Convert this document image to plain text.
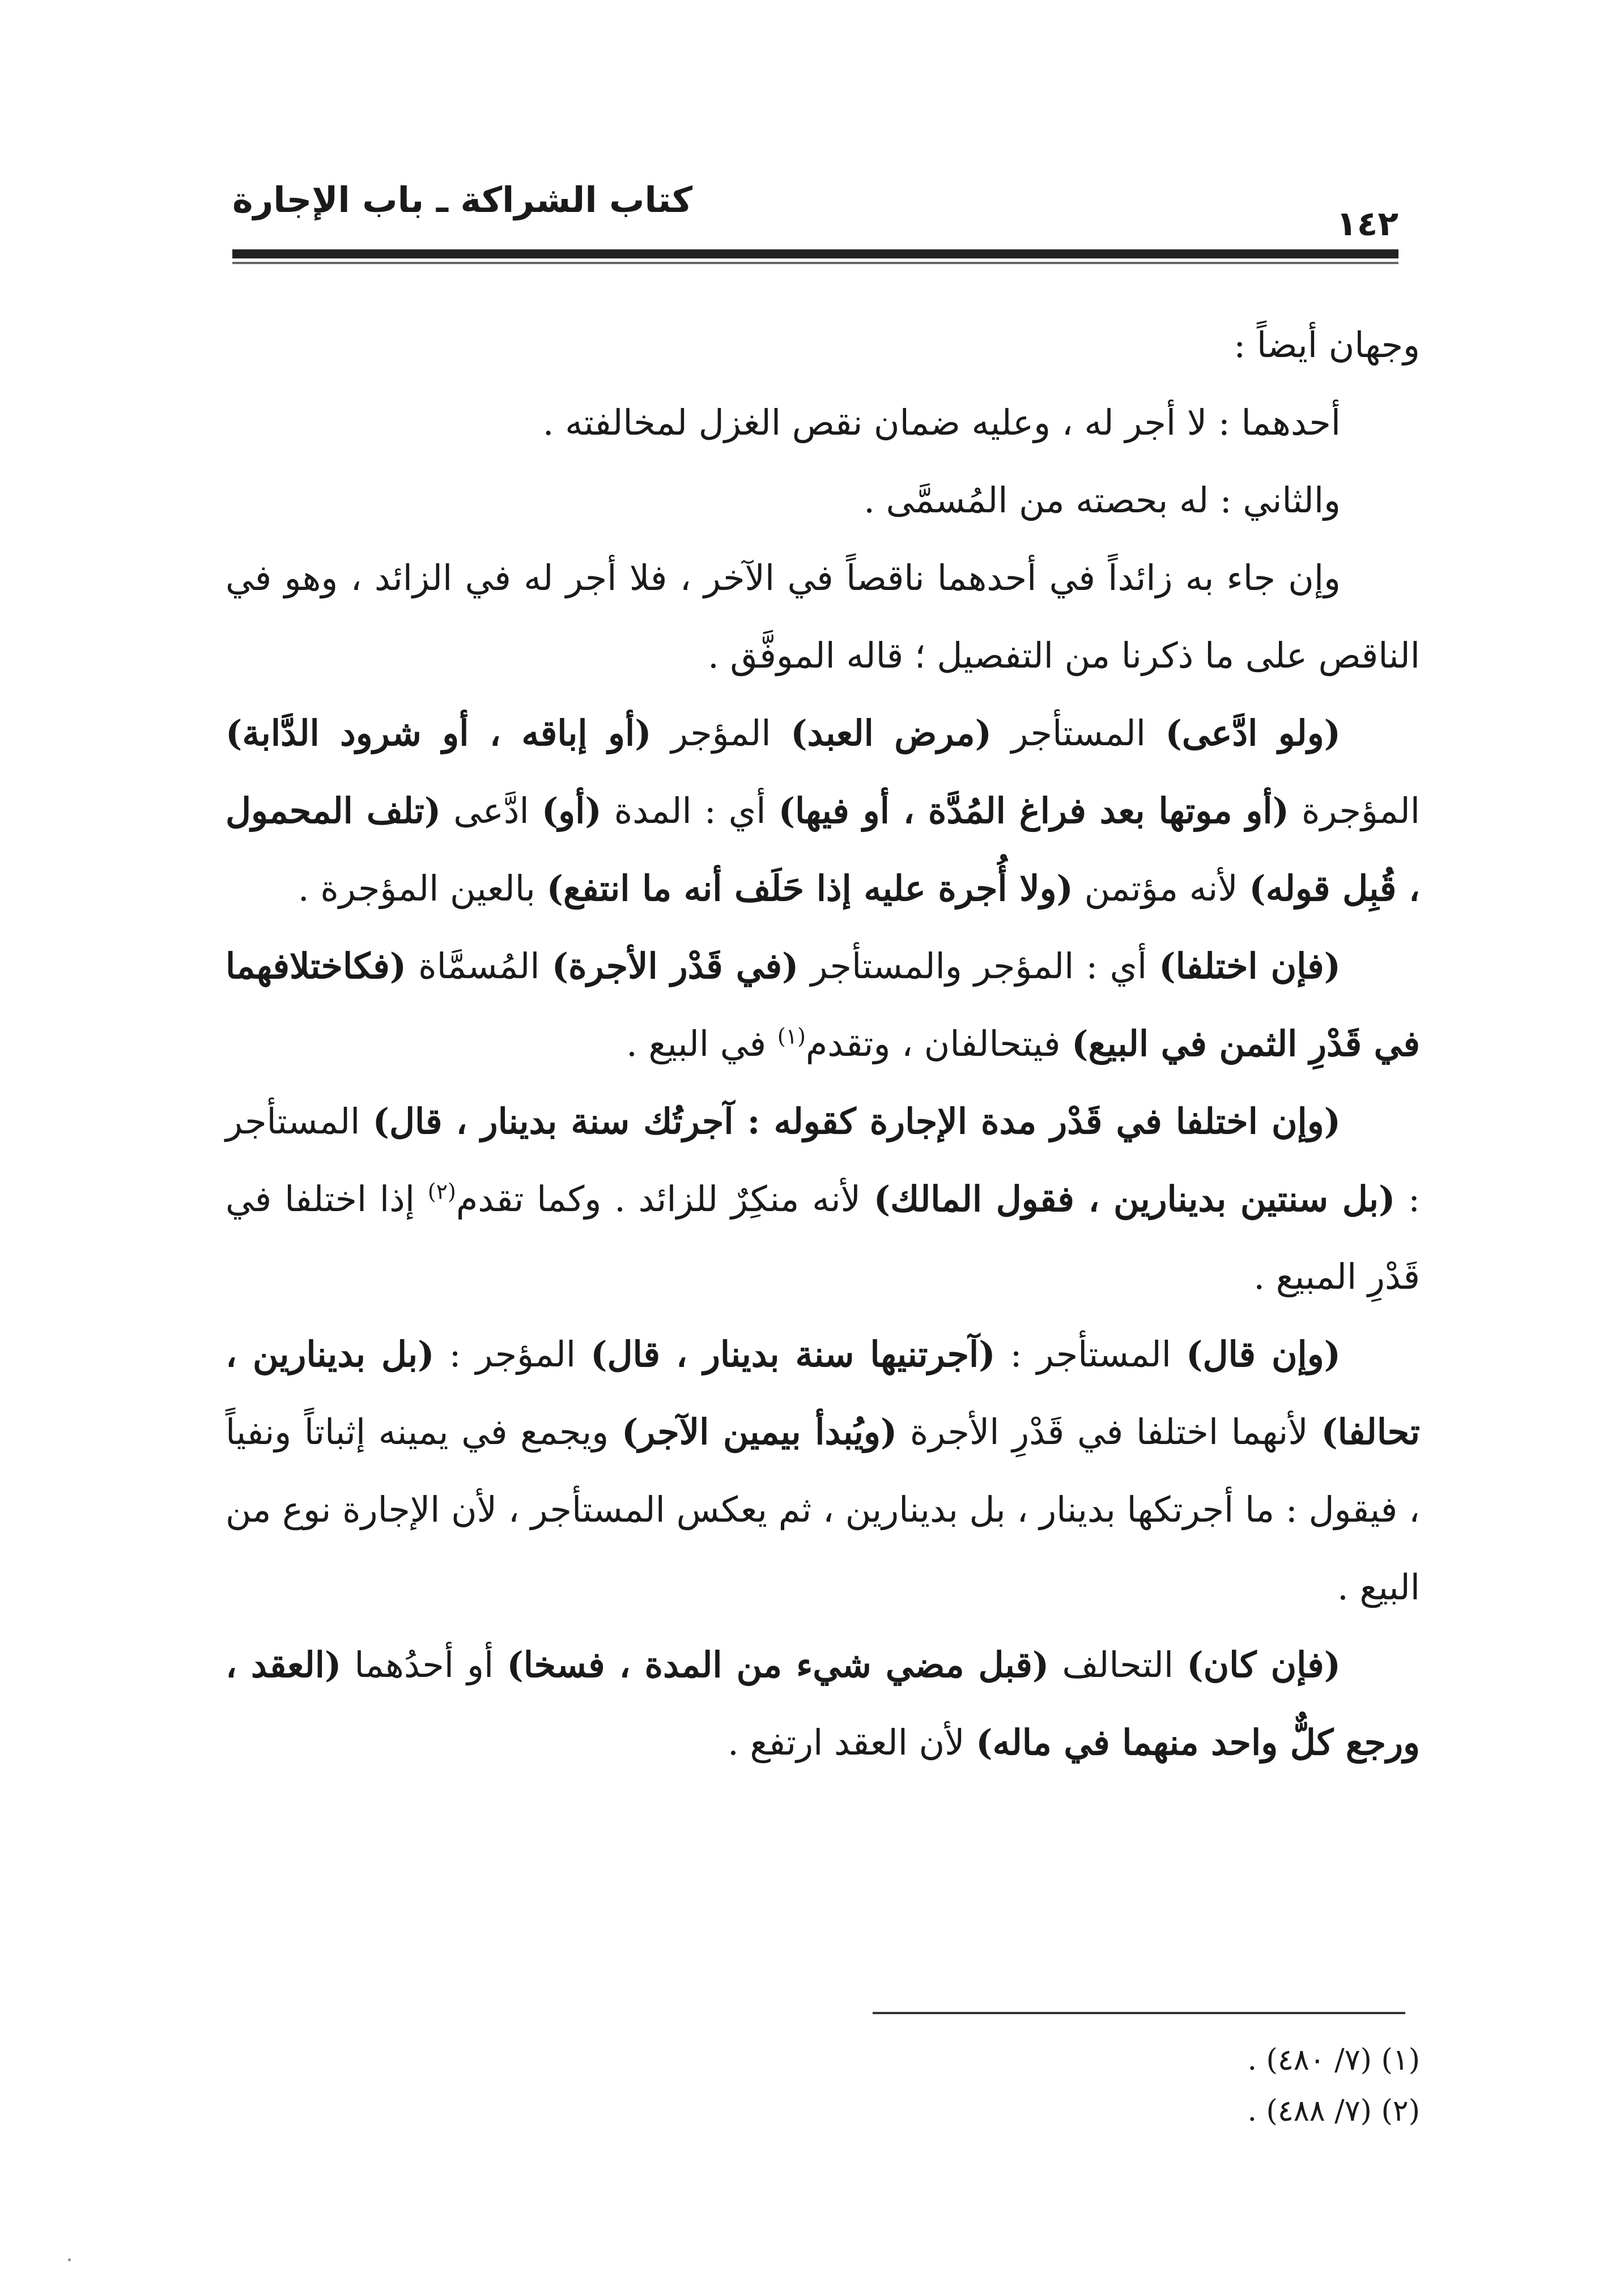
كتاب الشراكة ـ باب الإجارة
١٤٢

وجهان أيضاً :

أحدهما : لا أجر له ، وعليه ضمان نقص الغزل لمخالفته .

والثاني : له بحصته من المُسمَّى .

وإن جاء به زائداً في أحدهما ناقصاً في الآخر ، فلا أجر له في الزائد ، وهو في الناقص على ما ذكرنا من التفصيل ؛ قاله الموفَّق .

(ولو ادَّعى) المستأجر (مرض العبد) المؤجر (أو إباقه ، أو شرود الدَّابة) المؤجرة (أو موتها بعد فراغ المُدَّة ، أو فيها) أي : المدة (أو) ادَّعى (تلف المحمول ، قُبِل قوله) لأنه مؤتمن (ولا أُجرة عليه إذا حَلَف أنه ما انتفع) بالعين المؤجرة .

(فإن اختلفا) أي : المؤجر والمستأجر (في قَدْر الأجرة) المُسمَّاة (فكاختلافهما في قَدْرِ الثمن في البيع) فيتحالفان ، وتقدم$^{(١)}$ في البيع .

(وإن اختلفا في قَدْر مدة الإجارة كقوله : آجرتُك سنة بدينار ، قال) المستأجر : (بل سنتين بدينارين ، فقول المالك) لأنه منكِرٌ للزائد . وكما تقدم$^{(٢)}$ إذا اختلفا في قَدْرِ المبيع .

(وإن قال) المستأجر : (آجرتنيها سنة بدينار ، قال) المؤجر : (بل بدينارين ، تحالفا) لأنهما اختلفا في قَدْرِ الأجرة (ويُبدأ بيمين الآجر) ويجمع في يمينه إثباتاً ونفياً ، فيقول : ما أجرتكها بدينار ، بل بدينارين ، ثم يعكس المستأجر ، لأن الإجارة نوع من البيع .

(فإن كان) التحالف (قبل مضي شيء من المدة ، فسخا) أو أحدُهما (العقد ، ورجع كلٌّ واحد منهما في ماله) لأن العقد ارتفع .

(١) (٧/ ٤٨٠) .
(٢) (٧/ ٤٨٨) .
